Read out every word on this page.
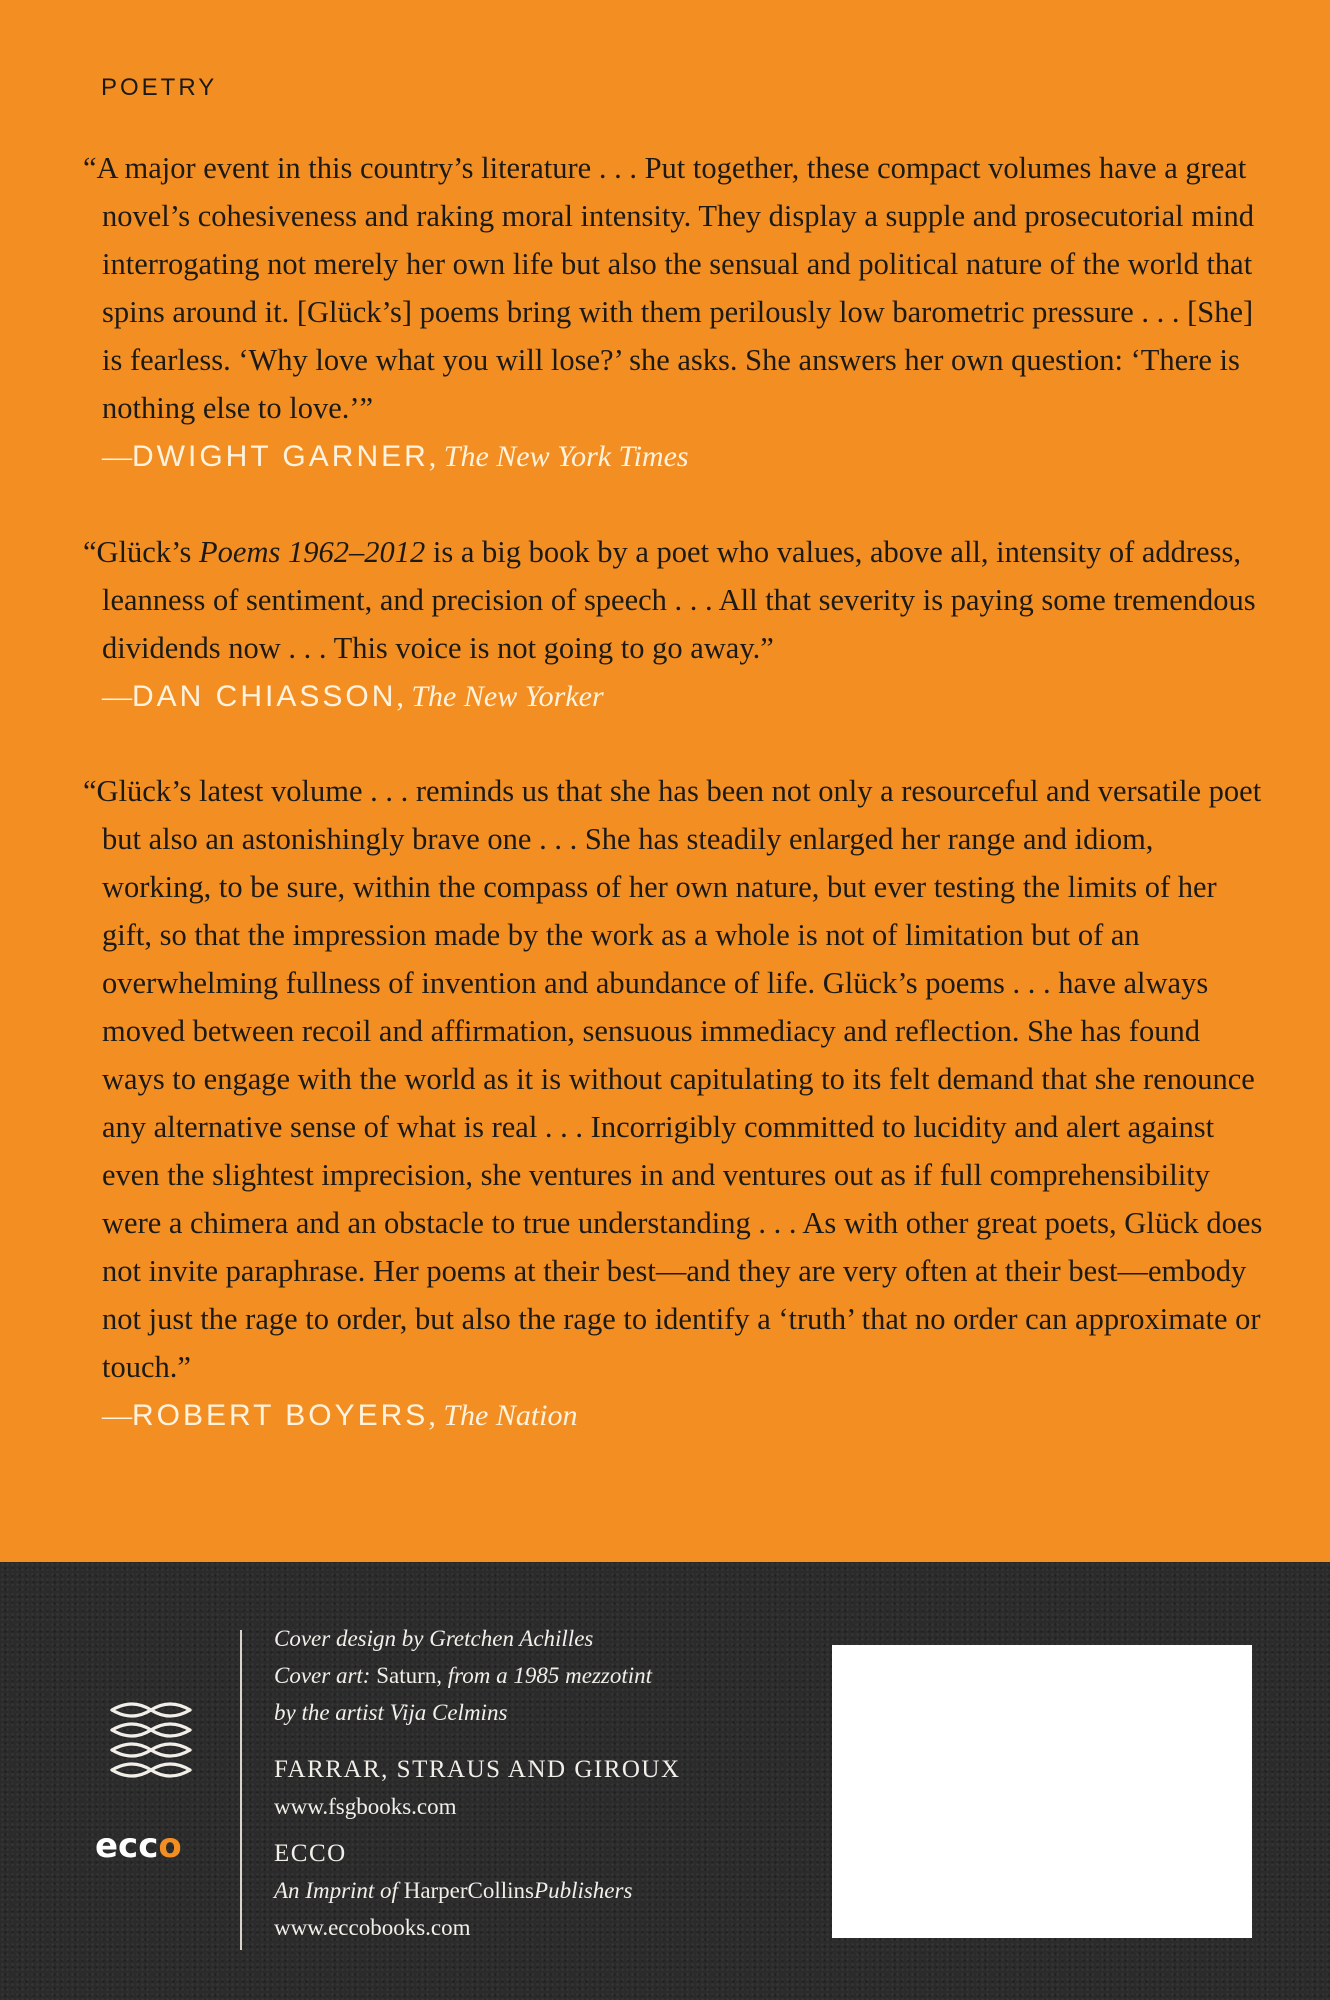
POETRY

“A major event in this country’s literature . . . Put together, these compact volumes have a great novel’s cohesiveness and raking moral intensity. They display a supple and prosecutorial mind interrogating not merely her own life but also the sensual and political nature of the world that spins around it. [Glück’s] poems bring with them perilously low barometric pressure . . . [She] is fearless. ‘Why love what you will lose?’ she asks. She answers her own question: ‘There is nothing else to love.’”

—DWIGHT GARNER, The New York Times

“Glück’s Poems 1962–2012 is a big book by a poet who values, above all, intensity of address, leanness of sentiment, and precision of speech . . . All that severity is paying some tremendous dividends now . . . This voice is not going to go away.”

—DAN CHIASSON, The New Yorker

“Glück’s latest volume . . . reminds us that she has been not only a resourceful and versatile poet but also an astonishingly brave one . . . She has steadily enlarged her range and idiom, working, to be sure, within the compass of her own nature, but ever testing the limits of her gift, so that the impression made by the work as a whole is not of limitation but of an overwhelming fullness of invention and abundance of life. Glück’s poems . . . have always moved between recoil and affirmation, sensuous immediacy and reflection. She has found ways to engage with the world as it is without capitulating to its felt demand that she renounce any alternative sense of what is real . . . Incorrigibly committed to lucidity and alert against even the slightest imprecision, she ventures in and ventures out as if full comprehensibility were a chimera and an obstacle to true understanding . . . As with other great poets, Glück does not invite paraphrase. Her poems at their best—and they are very often at their best—embody not just the rage to order, but also the rage to identify a ‘truth’ that no order can approximate or touch.”

—ROBERT BOYERS, The Nation

ecco

Cover design by Gretchen Achilles

Cover art: Saturn, from a 1985 mezzotint

by the artist Vija Celmins

FARRAR, STRAUS AND GIROUX

www.fsgbooks.com

ECCO

An Imprint of HarperCollinsPublishers

www.eccobooks.com
